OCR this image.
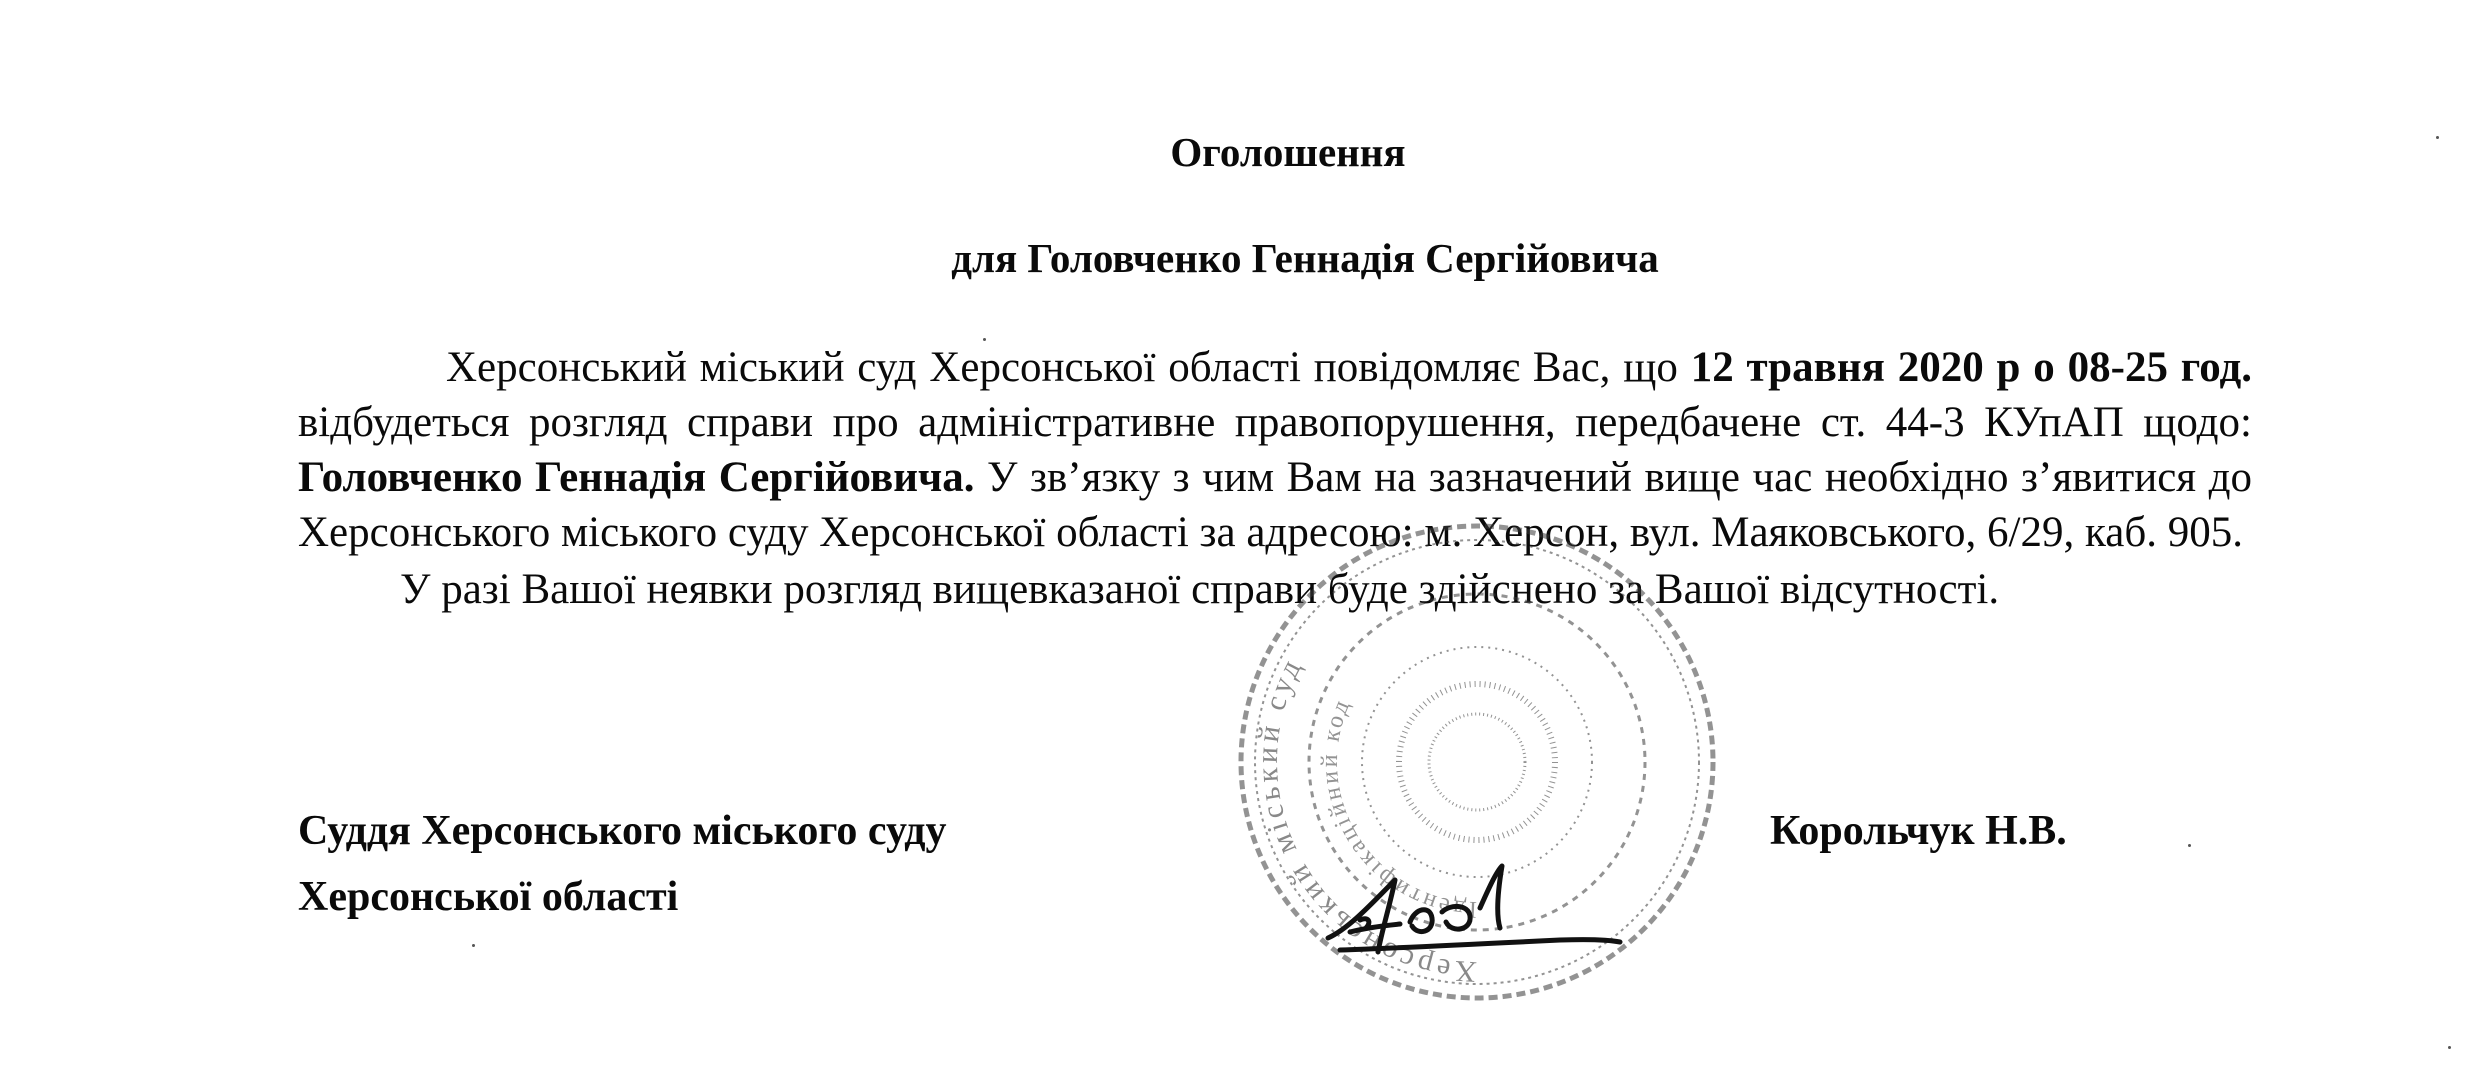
Оголошення
для Головченко Геннадія Сергійовича

Херсонський міський суд Херсонської області повідомляє Вас, що 12 травня 2020 р о 08-25 год. відбудеться розгляд справи про адміністративне правопорушення, передбачене ст. 44-3 КУпАП щодо: Головченко Геннадія Сергійовича. У зв’язку з чим Вам на зазначений вище час необхідно з’явитися до Херсонського міського суду Херсонської області за адресою: м. Херсон, вул. Маяковського, 6/29, каб. 905.

У разі Вашої неявки розгляд вищевказаної справи буде здійснено за Вашої відсутності.

Суддя Херсонського міського суду
Херсонської області
Корольчук Н.В.
Херсонський міський суд
Ідентифікаційний код
